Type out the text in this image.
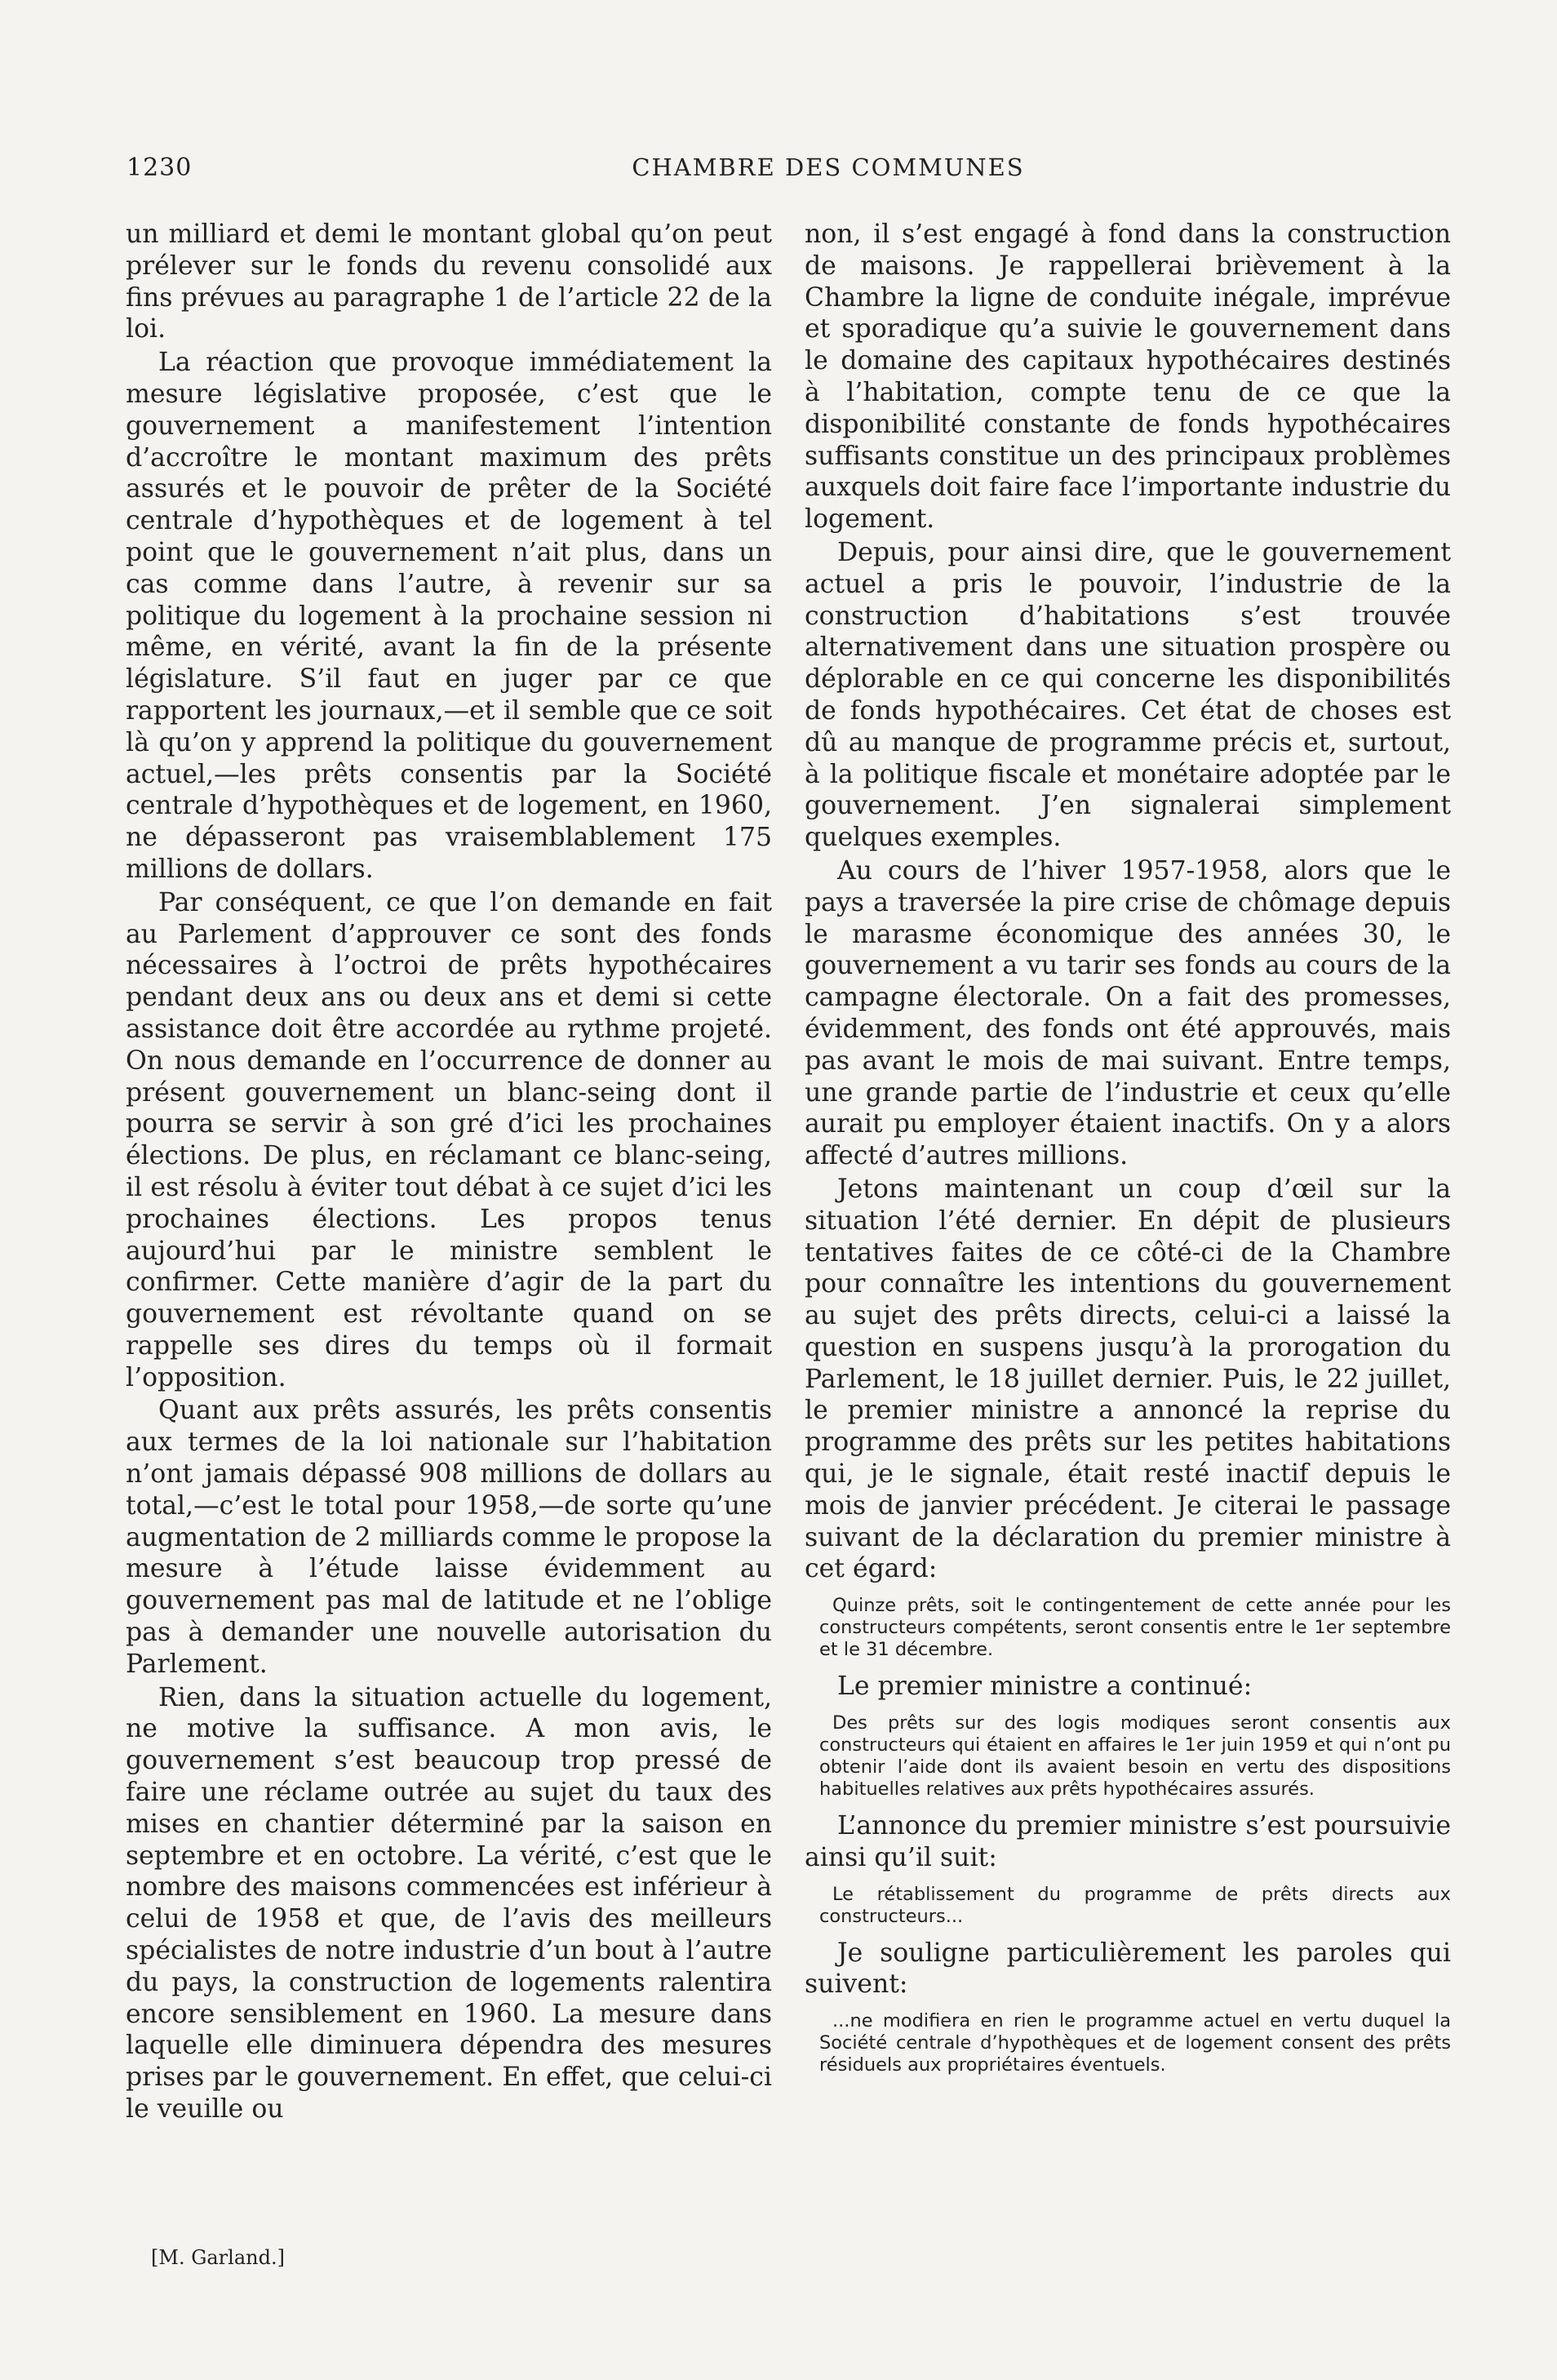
1230	CHAMBRE DES COMMUNES

un milliard et demi le montant global qu’on peut prélever sur le fonds du revenu consolidé aux fins prévues au paragraphe 1 de l’article 22 de la loi.

La réaction que provoque immédiatement la mesure législative proposée, c’est que le gouvernement a manifestement l’intention d’accroître le montant maximum des prêts assurés et le pouvoir de prêter de la Société centrale d’hypothèques et de logement à tel point que le gouvernement n’ait plus, dans un cas comme dans l’autre, à revenir sur sa politique du logement à la prochaine session ni même, en vérité, avant la fin de la présente législature. S’il faut en juger par ce que rapportent les journaux,—et il semble que ce soit là qu’on y apprend la politique du gouvernement actuel,—les prêts consentis par la Société centrale d’hypothèques et de logement, en 1960, ne dépasseront pas vraisemblablement 175 millions de dollars.

Par conséquent, ce que l’on demande en fait au Parlement d’approuver ce sont des fonds nécessaires à l’octroi de prêts hypothécaires pendant deux ans ou deux ans et demi si cette assistance doit être accordée au rythme projeté. On nous demande en l’occurrence de donner au présent gouvernement un blanc-seing dont il pourra se servir à son gré d’ici les prochaines élections. De plus, en réclamant ce blanc-seing, il est résolu à éviter tout débat à ce sujet d’ici les prochaines élections. Les propos tenus aujourd’hui par le ministre semblent le confirmer. Cette manière d’agir de la part du gouvernement est révoltante quand on se rappelle ses dires du temps où il formait l’opposition.

Quant aux prêts assurés, les prêts consentis aux termes de la loi nationale sur l’habitation n’ont jamais dépassé 908 millions de dollars au total,—c’est le total pour 1958,—de sorte qu’une augmentation de 2 milliards comme le propose la mesure à l’étude laisse évidemment au gouvernement pas mal de latitude et ne l’oblige pas à demander une nouvelle autorisation du Parlement.

Rien, dans la situation actuelle du logement, ne motive la suffisance. A mon avis, le gouvernement s’est beaucoup trop pressé de faire une réclame outrée au sujet du taux des mises en chantier déterminé par la saison en septembre et en octobre. La vérité, c’est que le nombre des maisons commencées est inférieur à celui de 1958 et que, de l’avis des meilleurs spécialistes de notre industrie d’un bout à l’autre du pays, la construction de logements ralentira encore sensiblement en 1960. La mesure dans laquelle elle diminuera dépendra des mesures prises par le gouvernement. En effet, que celui-ci le veuille ou

non, il s’est engagé à fond dans la construction de maisons. Je rappellerai brièvement à la Chambre la ligne de conduite inégale, imprévue et sporadique qu’a suivie le gouvernement dans le domaine des capitaux hypothécaires destinés à l’habitation, compte tenu de ce que la disponibilité constante de fonds hypothécaires suffisants constitue un des principaux problèmes auxquels doit faire face l’importante industrie du logement.

Depuis, pour ainsi dire, que le gouvernement actuel a pris le pouvoir, l’industrie de la construction d’habitations s’est trouvée alternativement dans une situation prospère ou déplorable en ce qui concerne les disponibilités de fonds hypothécaires. Cet état de choses est dû au manque de programme précis et, surtout, à la politique fiscale et monétaire adoptée par le gouvernement. J’en signalerai simplement quelques exemples.

Au cours de l’hiver 1957-1958, alors que le pays a traversée la pire crise de chômage depuis le marasme économique des années 30, le gouvernement a vu tarir ses fonds au cours de la campagne électorale. On a fait des promesses, évidemment, des fonds ont été approuvés, mais pas avant le mois de mai suivant. Entre temps, une grande partie de l’industrie et ceux qu’elle aurait pu employer étaient inactifs. On y a alors affecté d’autres millions.

Jetons maintenant un coup d’œil sur la situation l’été dernier. En dépit de plusieurs tentatives faites de ce côté-ci de la Chambre pour connaître les intentions du gouvernement au sujet des prêts directs, celui-ci a laissé la question en suspens jusqu’à la prorogation du Parlement, le 18 juillet dernier. Puis, le 22 juillet, le premier ministre a annoncé la reprise du programme des prêts sur les petites habitations qui, je le signale, était resté inactif depuis le mois de janvier précédent. Je citerai le passage suivant de la déclaration du premier ministre à cet égard:

Quinze prêts, soit le contingentement de cette année pour les constructeurs compétents, seront consentis entre le 1er septembre et le 31 décembre.

Le premier ministre a continué:

Des prêts sur des logis modiques seront consentis aux constructeurs qui étaient en affaires le 1er juin 1959 et qui n’ont pu obtenir l’aide dont ils avaient besoin en vertu des dispositions habituelles relatives aux prêts hypothécaires assurés.

L’annonce du premier ministre s’est poursuivie ainsi qu’il suit:

Le rétablissement du programme de prêts directs aux constructeurs...

Je souligne particulièrement les paroles qui suivent:

...ne modifiera en rien le programme actuel en vertu duquel la Société centrale d’hypothèques et de logement consent des prêts résiduels aux propriétaires éventuels.

[M. Garland.]
